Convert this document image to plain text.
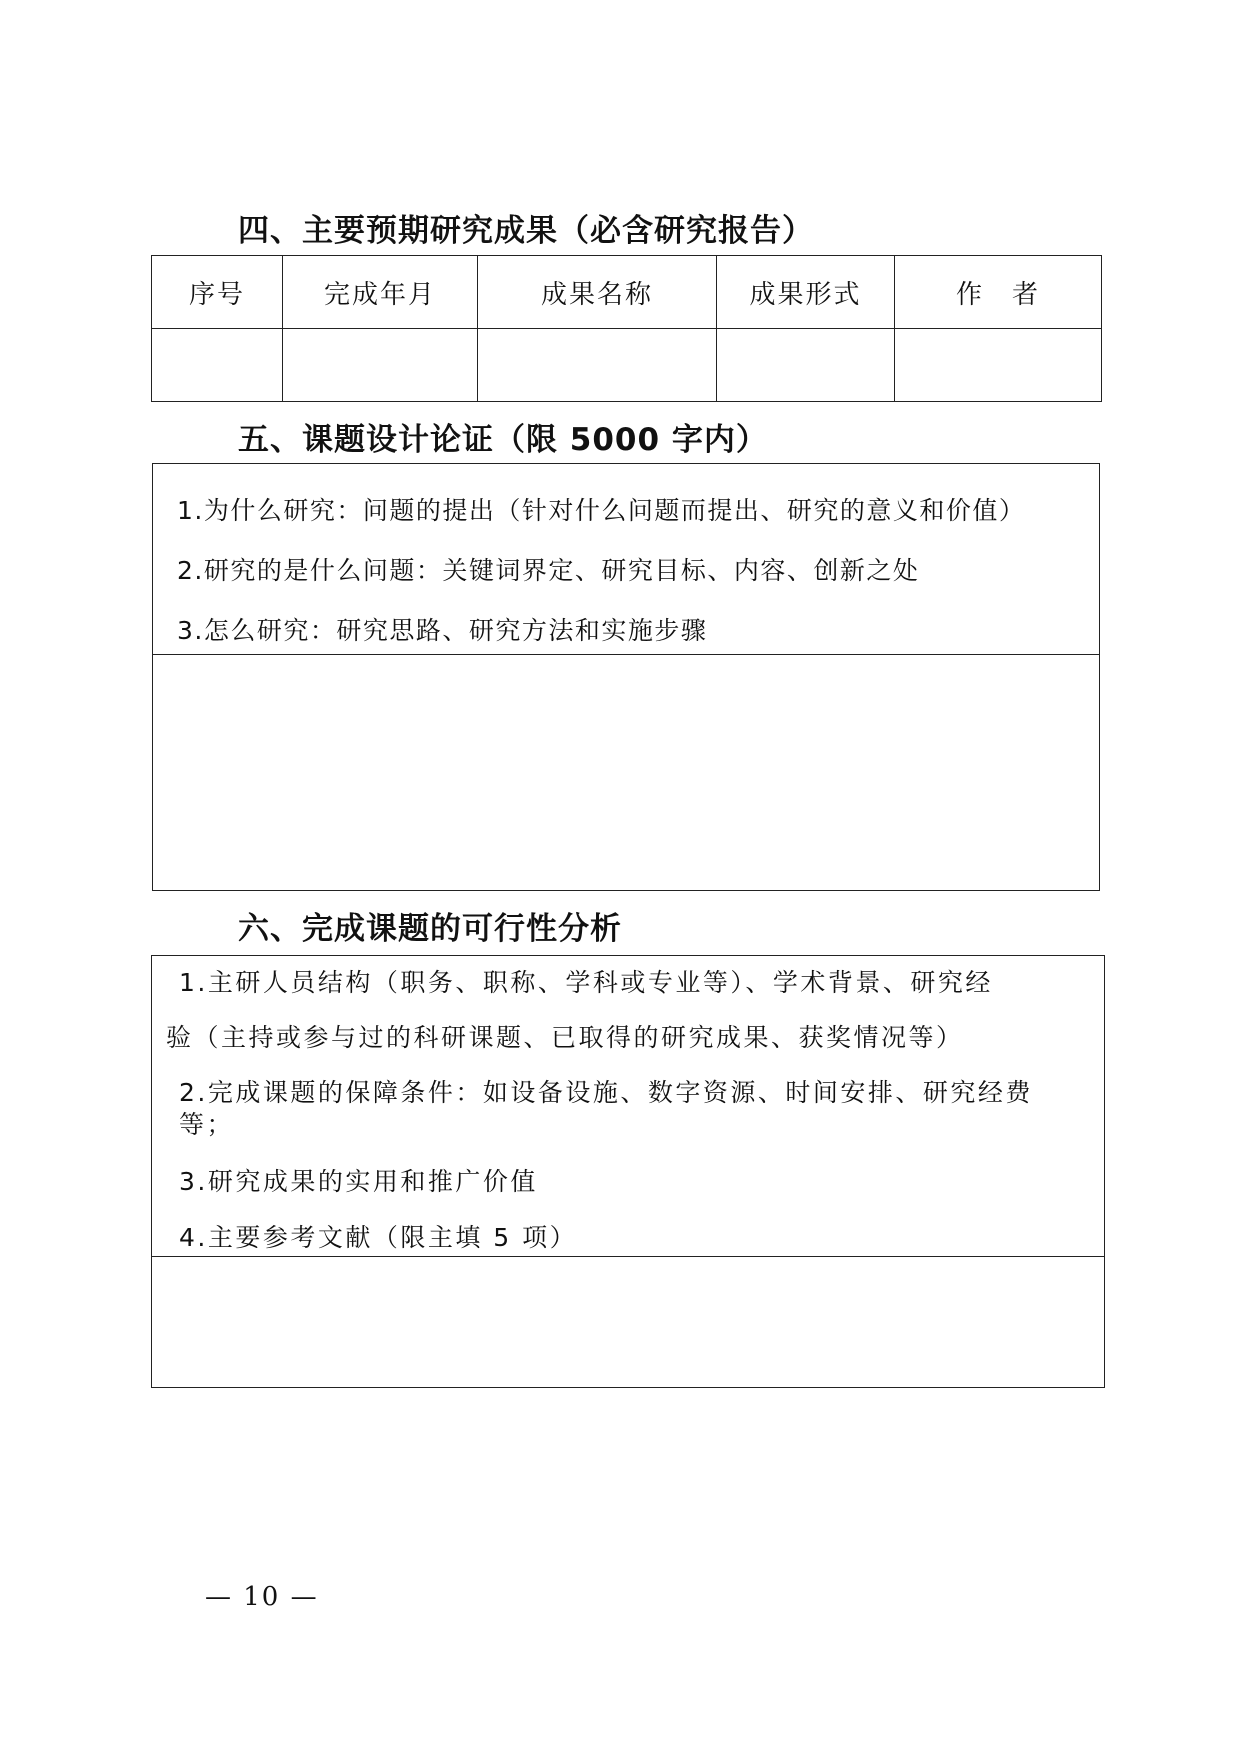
四、主要预期研究成果（必含研究报告）
序号	完成年月	成果名称	成果形式	作　者

五、课题设计论证（限 5000 字内）
1.为什么研究：问题的提出（针对什么问题而提出、研究的意义和价值）
2.研究的是什么问题：关键词界定、研究目标、内容、创新之处
3.怎么研究：研究思路、研究方法和实施步骤
六、完成课题的可行性分析
1.主研人员结构（职务、职称、学科或专业等）、学术背景、研究经
验（主持或参与过的科研课题、已取得的研究成果、获奖情况等）
2.完成课题的保障条件：如设备设施、数字资源、时间安排、研究经费
等；
3.研究成果的实用和推广价值
4.主要参考文献（限主填 5 项）
— 10 —
